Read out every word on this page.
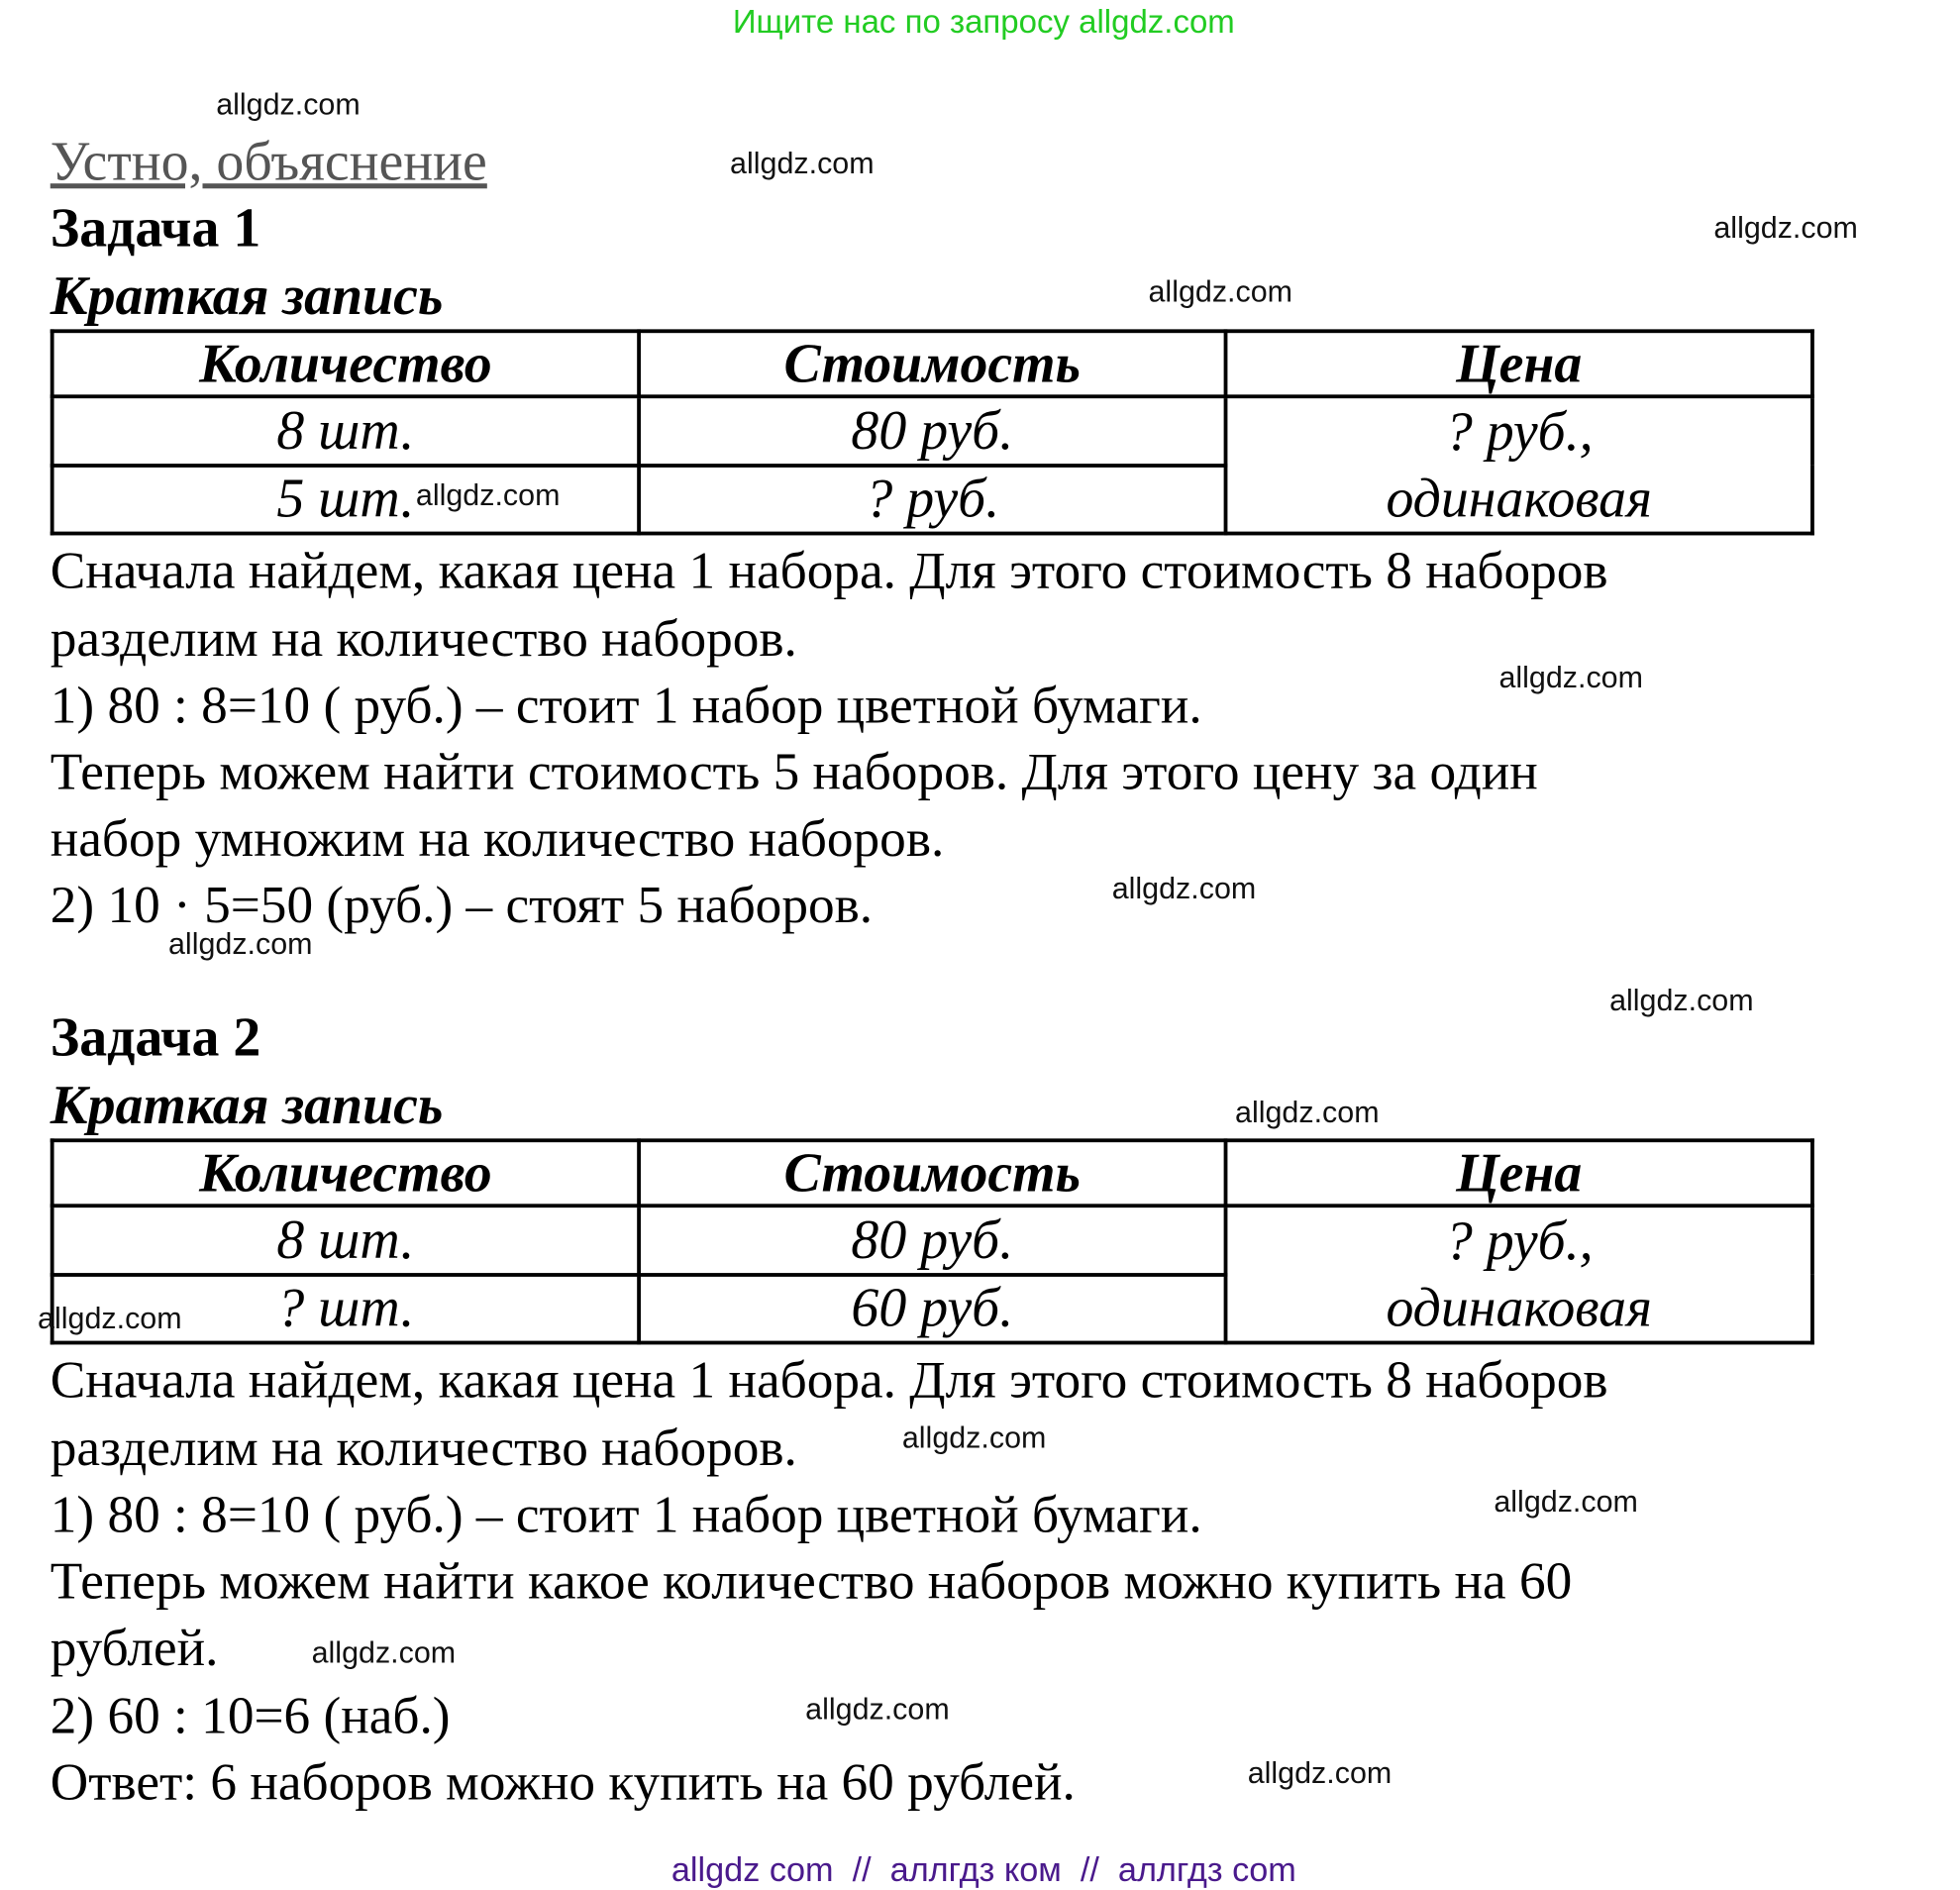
Ищите нас по запросу allgdz.com
allgdz.com
allgdz.com
allgdz.com
allgdz.com
allgdz.com
allgdz.com
allgdz.com
allgdz.com
allgdz.com
allgdz.com
allgdz.com
allgdz.com
allgdz.com
allgdz.com
allgdz.com
allgdz.com
Устно, объяснение
Задача 1
Краткая запись
Количество	Стоимость	Цена
8 шт.	80 руб.	? руб.,
одинаковая
5 шт.	? руб.	
Сначала найдем, какая цена 1 набора. Для этого стоимость 8 наборов
разделим на количество наборов.
1) 80 : 8=10 ( руб.) – стоит 1 набор цветной бумаги.
Теперь можем найти стоимость 5 наборов. Для этого цену за один
набор умножим на количество наборов.
2) 10 · 5=50 (руб.) – стоят 5 наборов.
Задача 2
Краткая запись
Количество	Стоимость	Цена
8 шт.	80 руб.	? руб.,
одинаковая
? шт.	60 руб.	
Сначала найдем, какая цена 1 набора. Для этого стоимость 8 наборов
разделим на количество наборов.
1) 80 : 8=10 ( руб.) – стоит 1 набор цветной бумаги.
Теперь можем найти какое количество наборов можно купить на 60
рублей.
2) 60 : 10=6 (наб.)
Ответ: 6 наборов можно купить на 60 рублей.
allgdz com  //  аллгдз ком  //  аллгдз com
